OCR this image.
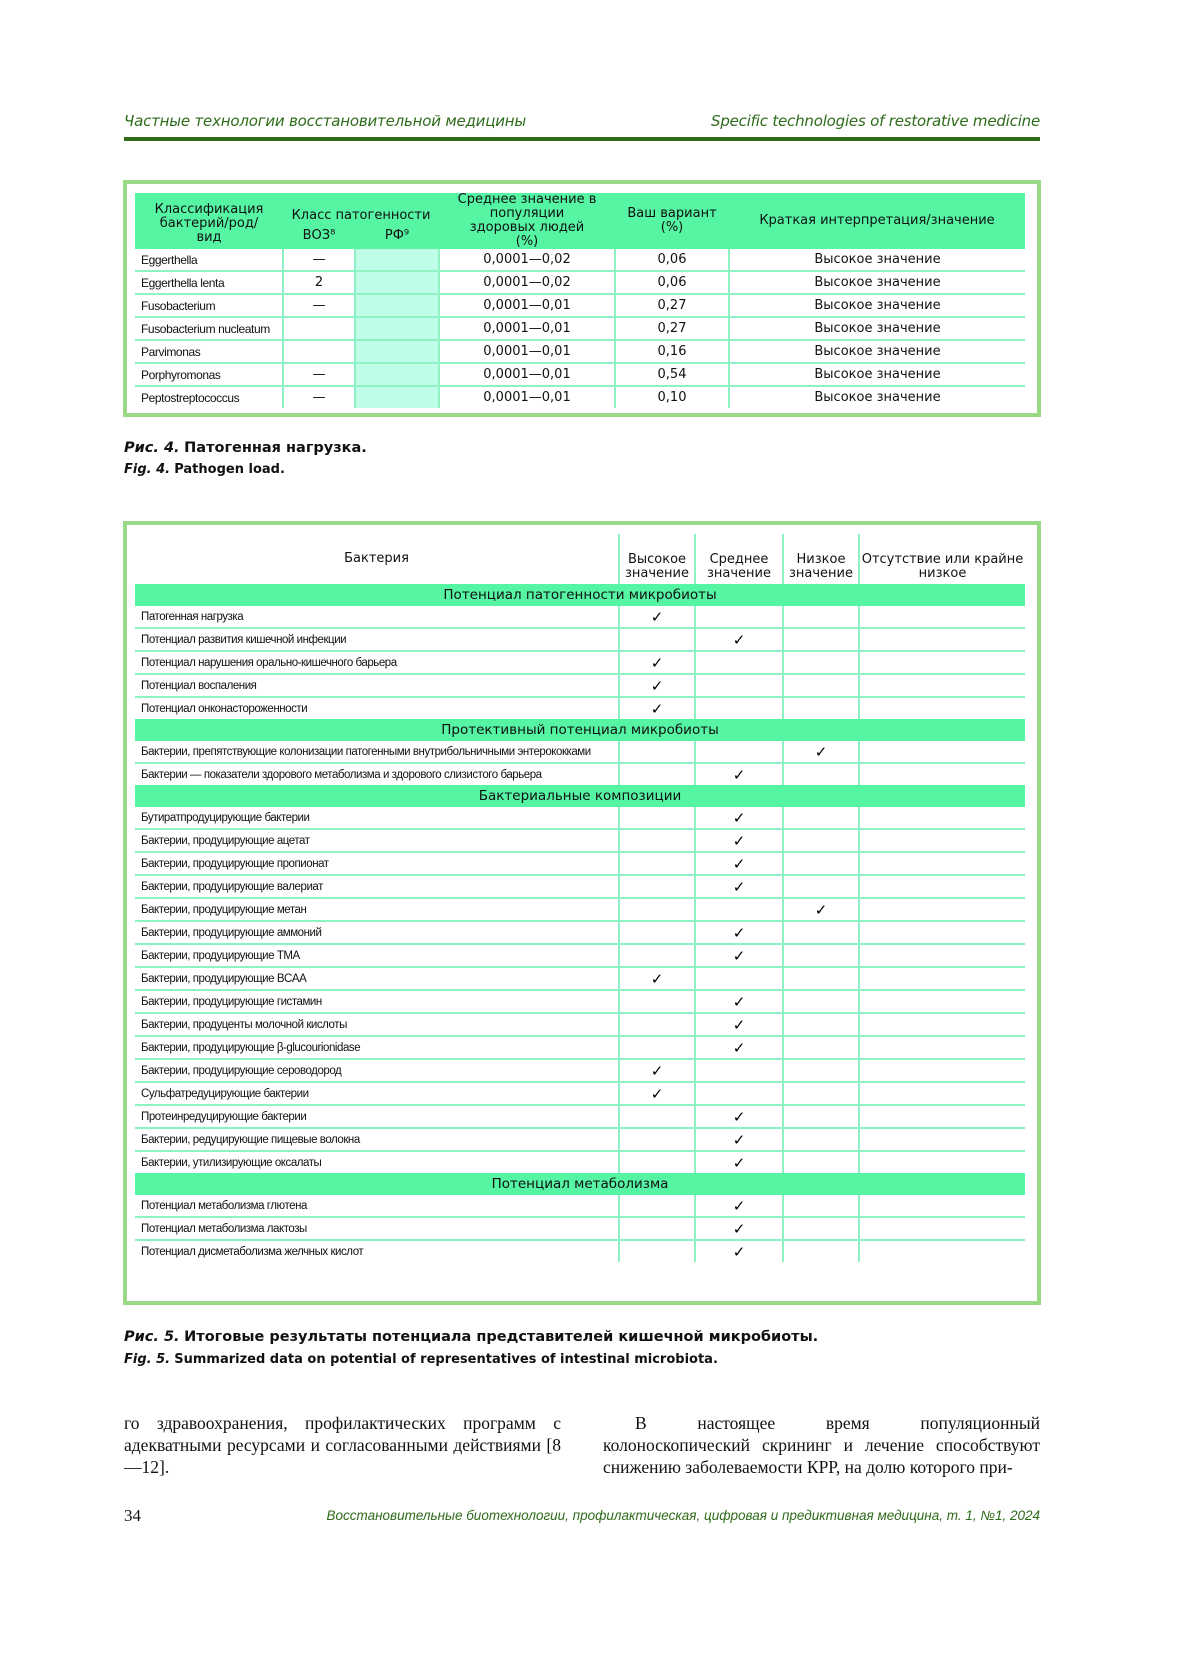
Частные технологии восстановительной медицины	Specific technologies of restorative medicine
Классификация бактерий/род/вид	Класс патогенности		Среднее значение в популяции здоровых людей (%)	Ваш вариант (%)	Краткая интерпретация/значение
	ВОЗ⁸	РФ⁹			
Eggerthella	—		0,0001—0,02	0,06	Высокое значение
Eggerthella lenta	2		0,0001—0,02	0,06	Высокое значение
Fusobacterium	—		0,0001—0,01	0,27	Высокое значение
Fusobacterium nucleatum			0,0001—0,01	0,27	Высокое значение
Parvimonas			0,0001—0,01	0,16	Высокое значение
Porphyromonas	—		0,0001—0,01	0,54	Высокое значение
Peptostreptococcus	—		0,0001—0,01	0,10	Высокое значение
Рис. 4. Патогенная нагрузка.
Fig. 4. Pathogen load.
Бактерия	Высокое значение	Среднее значение	Низкое значение	Отсутствие или крайне низкое
Потенциал патогенности микробиоты				
Патогенная нагрузка	✓			
Потенциал развития кишечной инфекции		✓		
Потенциал нарушения орально-кишечного барьера	✓			
Потенциал воспаления	✓			
Потенциал онконастороженности	✓			
Протективный потенциал микробиоты				
Бактерии, препятствующие колонизации патогенными внутрибольничными энтерококками			✓	
Бактерии — показатели здорового метаболизма и здорового слизистого барьера		✓		
Бактериальные композиции				
Бутиратпродуцирующие бактерии		✓		
Бактерии, продуцирующие ацетат		✓		
Бактерии, продуцирующие пропионат		✓		
Бактерии, продуцирующие валериат		✓		
Бактерии, продуцирующие метан			✓	
Бактерии, продуцирующие аммоний		✓		
Бактерии, продуцирующие TMA		✓		
Бактерии, продуцирующие BCAA	✓			
Бактерии, продуцирующие гистамин		✓		
Бактерии, продуценты молочной кислоты		✓		
Бактерии, продуцирующие β-glucourionidase		✓		
Бактерии, продуцирующие сероводород	✓			
Сульфатредуцирующие бактерии	✓			
Протеинредуцирующие бактерии		✓		
Бактерии, редуцирующие пищевые волокна		✓		
Бактерии, утилизирующие оксалаты		✓		
Потенциал метаболизма				
Потенциал метаболизма глютена		✓		
Потенциал метаболизма лактозы		✓		
Потенциал дисметаболизма желчных кислот		✓		
Рис. 5. Итоговые результаты потенциала представителей кишечной микробиоты.
Fig. 5. Summarized data on potential of representatives of intestinal microbiota.
го здравоохранения, профилактических программ с адекватными ресурсами и согласованными действиями [8—12].
В настоящее время популяционный колоноскопический скрининг и лечение способствуют снижению заболеваемости КРР, на долю которого при-
34	Восстановительные биотехнологии, профилактическая, цифровая и предиктивная медицина, т. 1, №1, 2024
